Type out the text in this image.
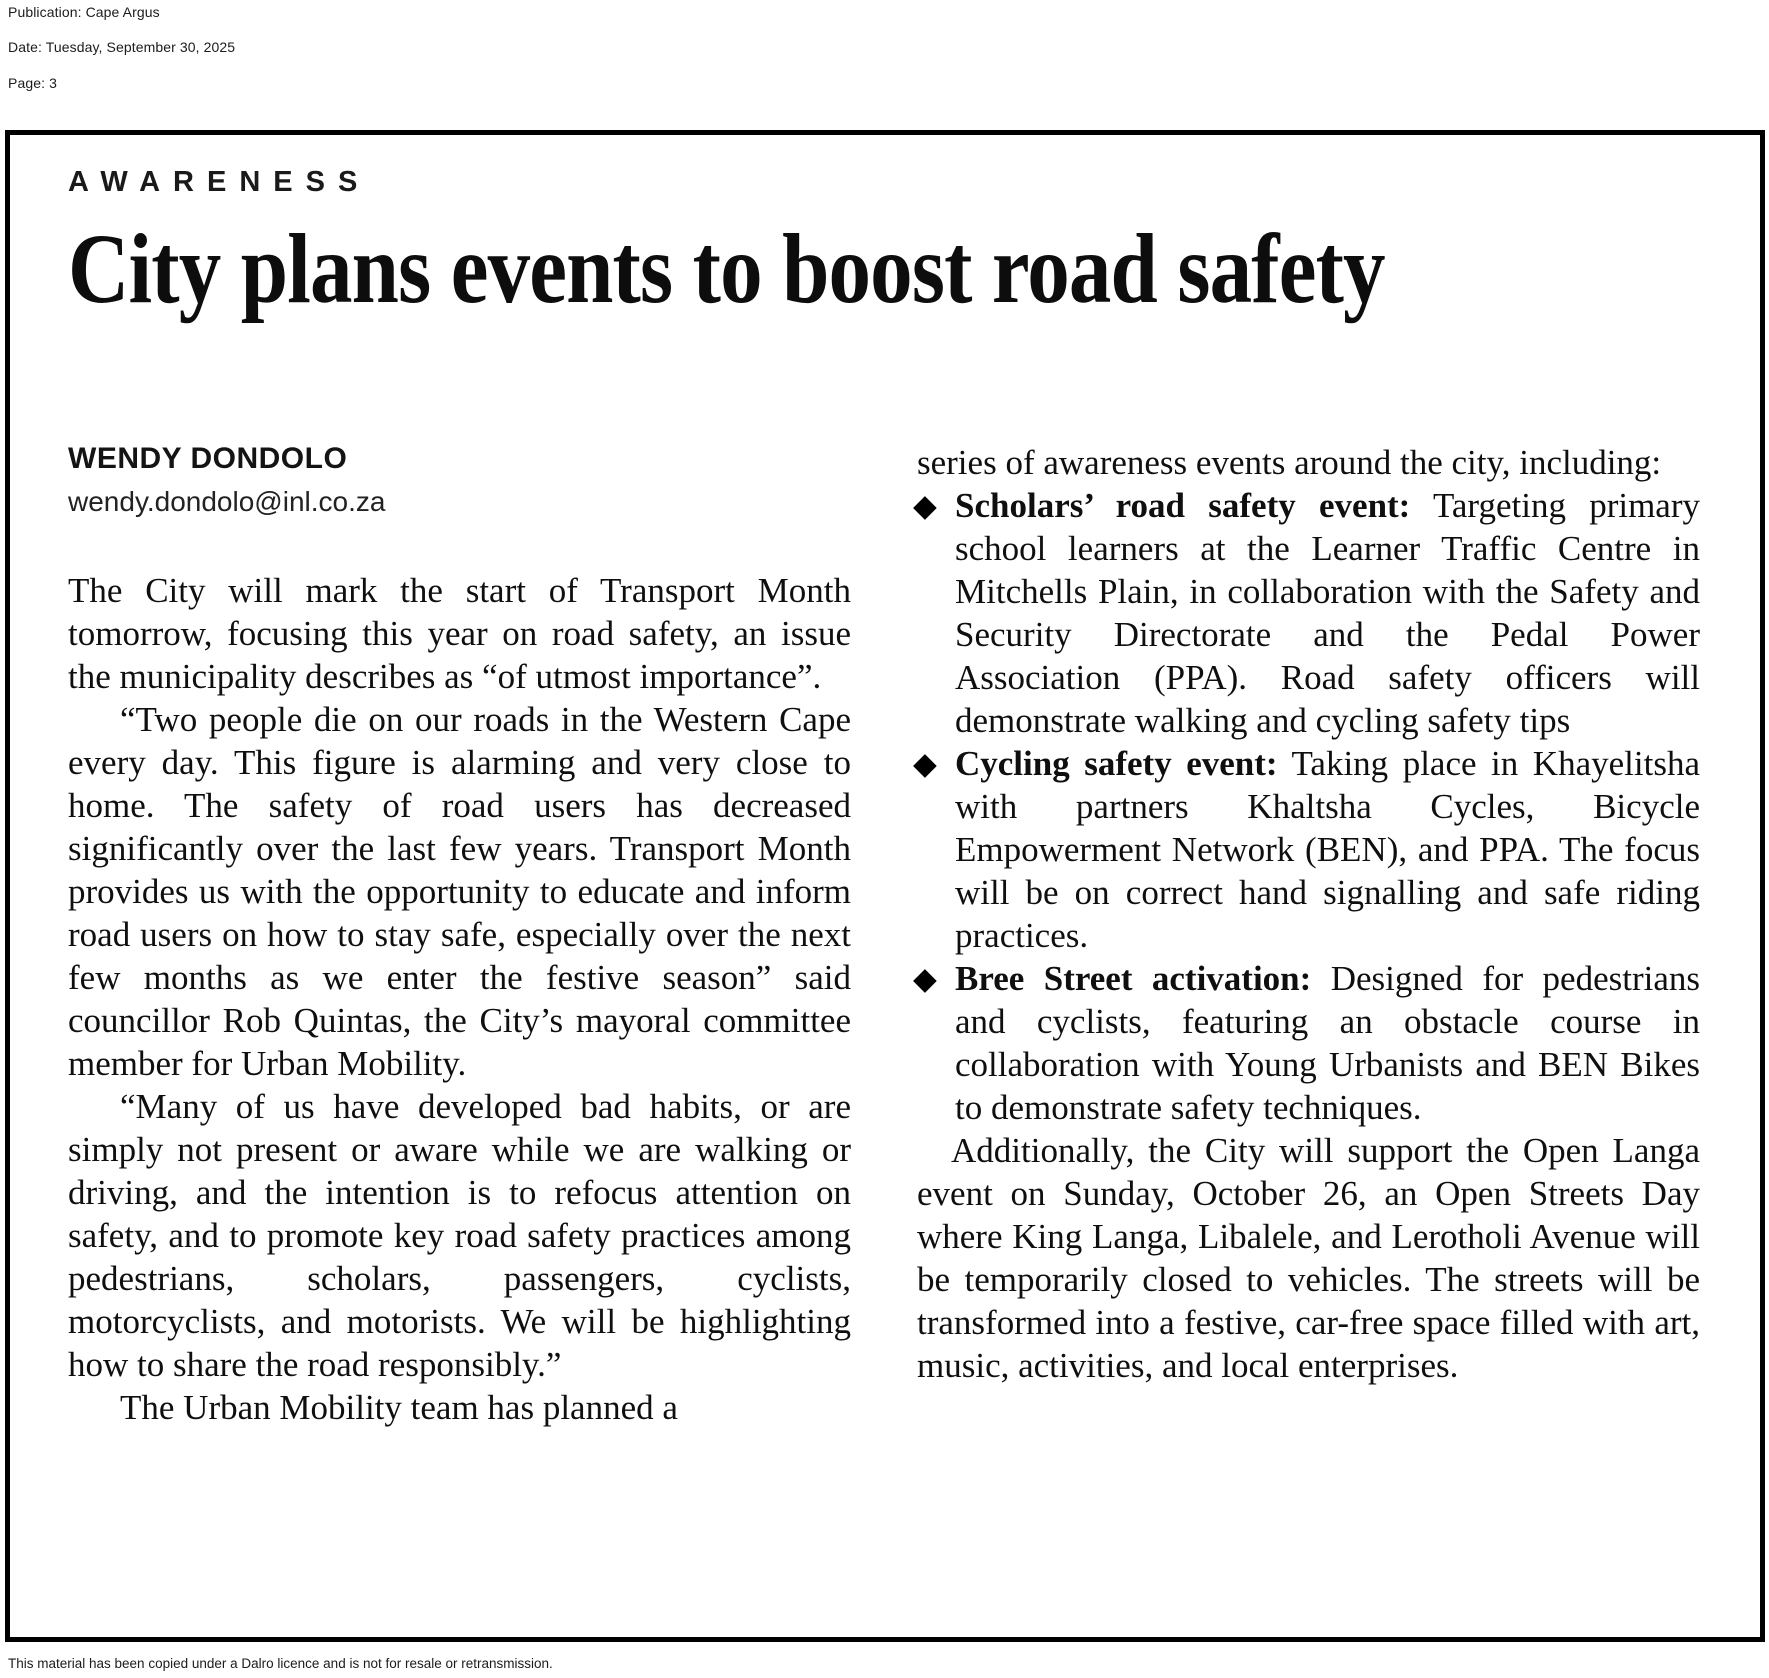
Publication: Cape Argus
Date: Tuesday, September 30, 2025
Page: 3
AWARENESS
City plans events to boost road safety
WENDY DONDOLO
wendy.dondolo@inl.co.za

The City will mark the start of Transport Month tomorrow, focusing this year on road safety, an issue the municipality describes as “of utmost importance”.

“Two people die on our roads in the Western Cape every day. This figure is alarming and very close to home. The safety of road users has decreased significantly over the last few years. Transport Month provides us with the opportunity to educate and inform road users on how to stay safe, especially over the next few months as we enter the festive season” said councillor Rob Quintas, the City’s mayoral committee member for Urban Mobility.

“Many of us have developed bad habits, or are simply not present or aware while we are walking or driving, and the intention is to refocus attention on safety, and to promote key road safety practices among pedestrians, scholars, passengers, cyclists, motorcyclists, and motorists. We will be highlighting how to share the road responsibly.”

The Urban Mobility team has planned a

series of awareness events around the city, including:

◆ Scholars’ road safety event: Targeting primary school learners at the Learner Traffic Centre in Mitchells Plain, in collaboration with the Safety and Security Directorate and the Pedal Power Association (PPA). Road safety officers will demonstrate walking and cycling safety tips
◆ Cycling safety event: Taking place in Khayelitsha with partners Khaltsha Cycles, Bicycle Empowerment Network (BEN), and PPA. The focus will be on correct hand signalling and safe riding practices.
◆ Bree Street activation: Designed for pedestrians and cyclists, featuring an obstacle course in collaboration with Young Urbanists and BEN Bikes to demonstrate safety techniques.

Additionally, the City will support the Open Langa event on Sunday, October 26, an Open Streets Day where King Langa, Libalele, and Lerotholi Avenue will be temporarily closed to vehicles. The streets will be transformed into a festive, car-free space filled with art, music, activities, and local enterprises.

This material has been copied under a Dalro licence and is not for resale or retransmission.
